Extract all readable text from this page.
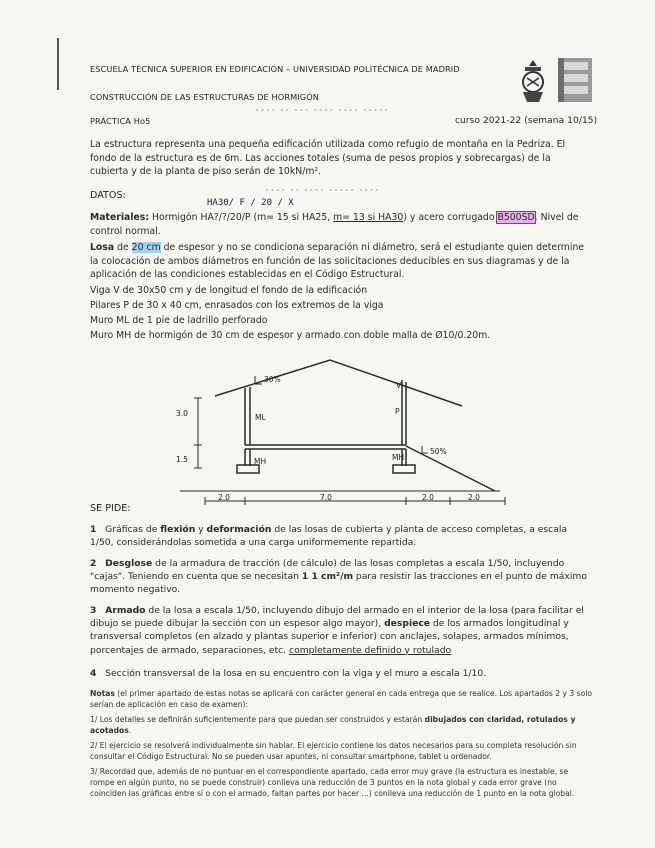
ESCUELA TÉCNICA SUPERIOR EN EDIFICACIÓN – UNIVERSIDAD POLITÉCNICA DE MADRID
CONSTRUCCIÓN DE LAS ESTRUCTURAS DE HORMIGÓN
∙∙∙∙ ∙∙ ∙∙∙ ∙∙∙∙ ∙∙∙∙ ∙∙∙∙∙
PRÁCTICA Ho5	curso 2021-22 (semana 10/15)
La estructura representa una pequeña edificación utilizada como refugio de montaña en la Pedriza. El fondo de la estructura es de 6m. Las acciones totales (suma de pesos propios y sobrecargas) de la cubierta y de la planta de piso serán de 10kN/m².
DATOS:
HA30/ F / 20 / X
∙∙∙∙ ∙∙ ∙∙∙∙ ∙∙∙∙∙ ∙∙∙∙
Materiales: Hormigón HA?/?/20/P (m= 15 si HA25, m= 13 si HA30) y acero corrugado B500SD. Nivel de control normal.
Losa de 20 cm de espesor y no se condiciona separación ni diámetro, será el estudiante quien determine la colocación de ambos diámetros en función de las solicitaciones deducibles en sus diagramas y de la aplicación de las condiciones establecidas en el Código Estructural.
Viga V de 30x50 cm y de longitud el fondo de la edificación
Pilares P de 30 x 40 cm, enrasados con los extremos de la viga
Muro ML de 1 pie de ladrillo perforado
Muro MH de hormigón de 30 cm de espesor y armado con doble malla de Ø10/0.20m.
30%
50%
V
P
ML
MH	MH
3.0
1.5
2.0	7.0	2.0	2.0
SE PIDE:
1 Gráficas de flexión y deformación de las losas de cubierta y planta de acceso completas, a escala 1/50, considerándolas sometida a una carga uniformemente repartida.
2 Desglose de la armadura de tracción (de cálculo) de las losas completas a escala 1/50, incluyendo "cajas". Teniendo en cuenta que se necesitan 1 1 cm²/m para resistir las tracciones en el punto de máximo momento negativo.
3 Armado de la losa a escala 1/50, incluyendo dibujo del armado en el interior de la losa (para facilitar el dibujo se puede dibujar la sección con un espesor algo mayor), despiece de los armados longitudinal y transversal completos (en alzado y plantas superior e inferior) con anclajes, solapes, armados mínimos, porcentajes de armado, separaciones, etc. completamente definido y rotulado
4 Sección transversal de la losa en su encuentro con la viga y el muro a escala 1/10.
Notas (el primer apartado de estas notas se aplicará con carácter general en cada entrega que se realice. Los apartados 2 y 3 solo serían de aplicación en caso de examen):
1/ Los detalles se definirán suficientemente para que puedan ser construidos y estarán dibujados con claridad, rotulados y acotados.
2/ El ejercicio se resolverá individualmente sin hablar. El ejercicio contiene los datos necesarios para su completa resolución sin consultar el Código Estructural. No se pueden usar apuntes, ni consultar smartphone, tablet u ordenador.
3/ Recordad que, además de no puntuar en el correspondiente apartado, cada error muy grave (la estructura es inestable, se rompe en algún punto, no se puede construir) conlleva una reducción de 3 puntos en la nota global y cada error grave (no coinciden las gráficas entre sí o con el armado, faltan partes por hacer ...) conlleva una reducción de 1 punto en la nota global.
